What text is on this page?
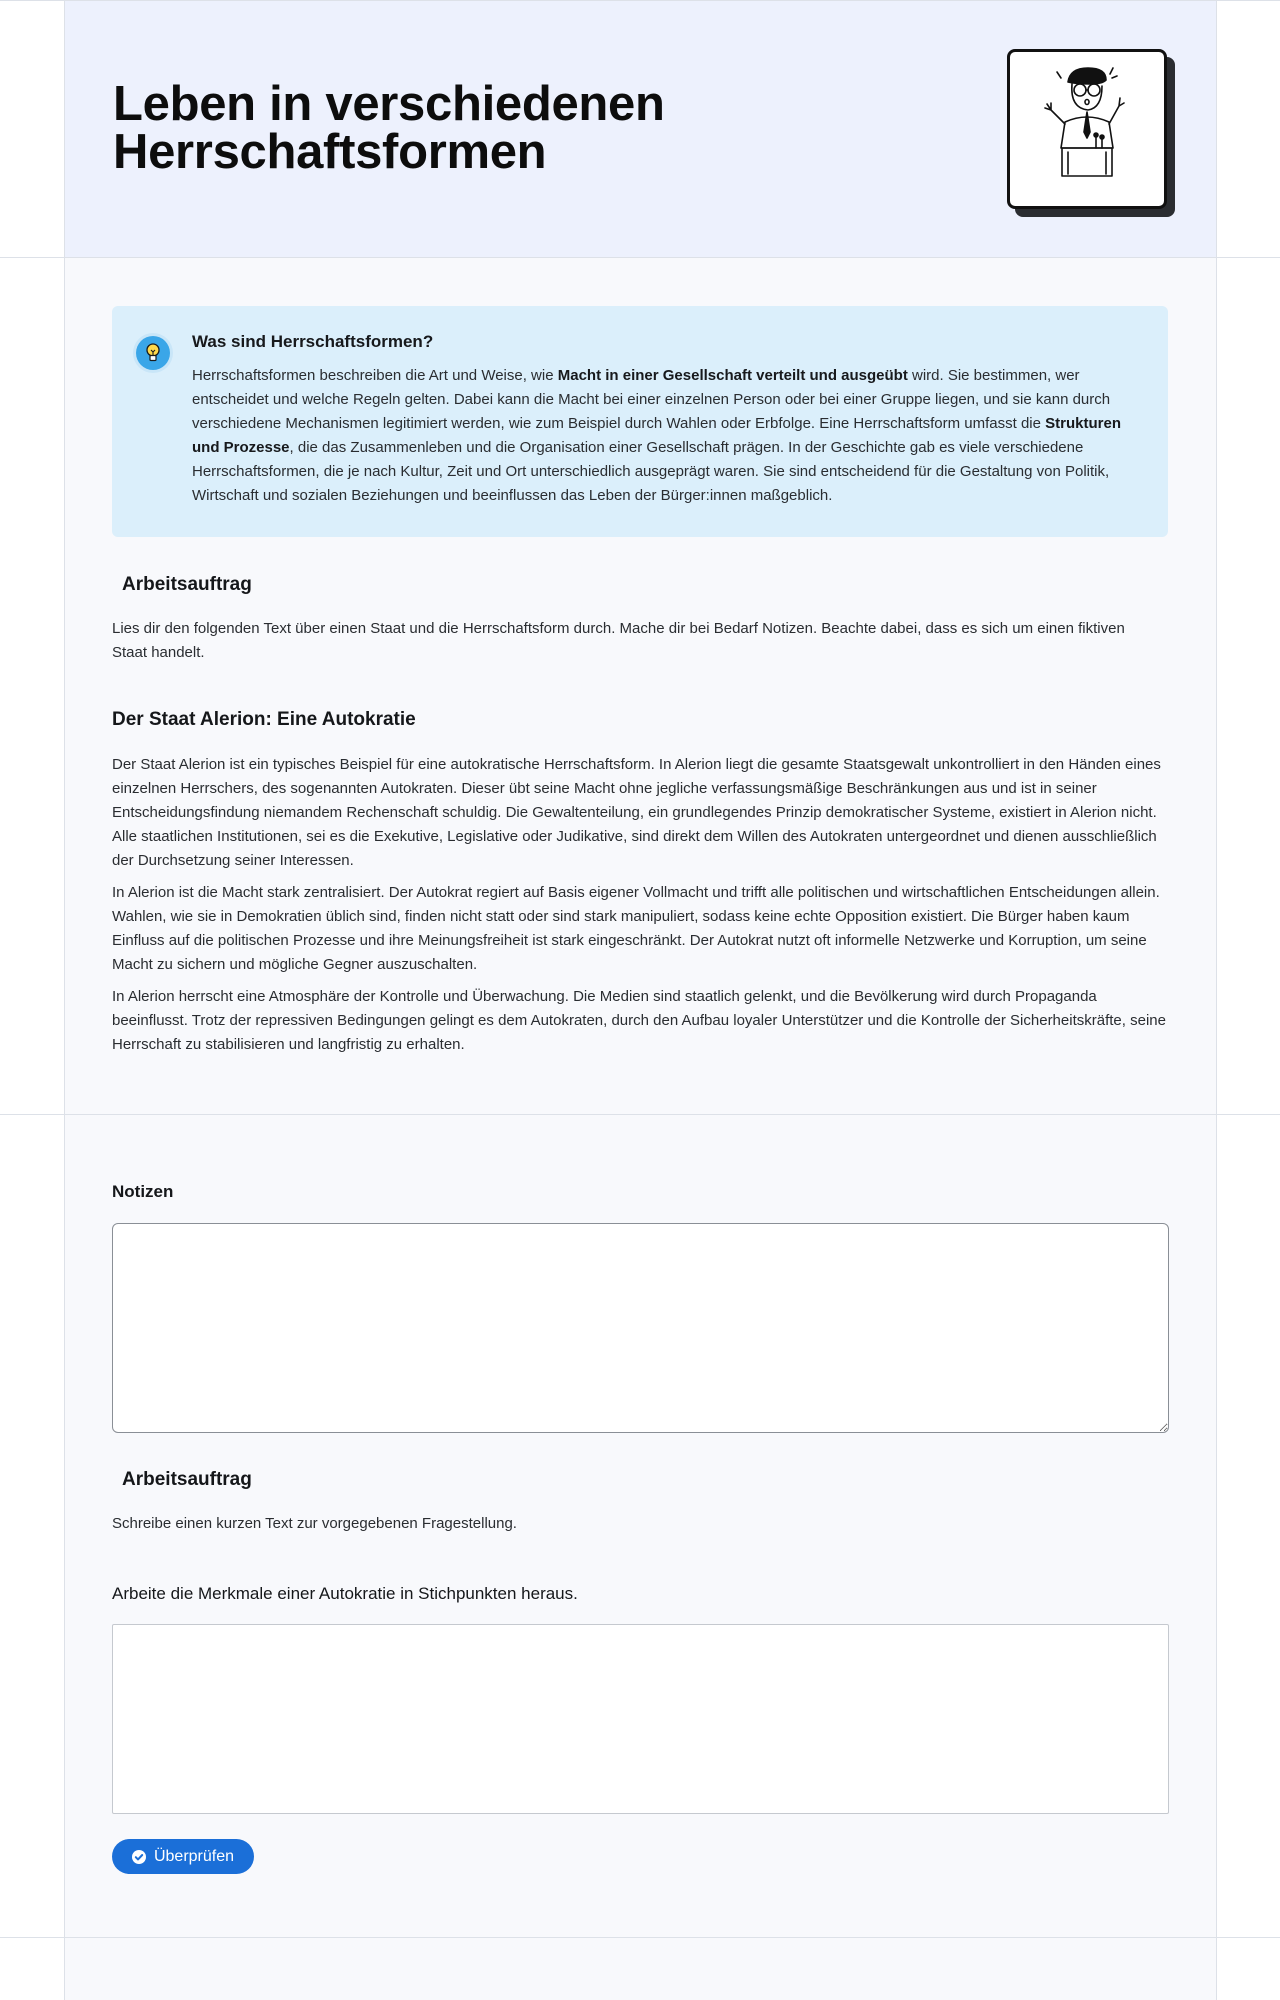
Leben in verschiedenen Herrschaftsformen
Was sind Herrschaftsformen?
Herrschaftsformen beschreiben die Art und Weise, wie Macht in einer Gesellschaft verteilt und ausgeübt wird. Sie bestimmen, wer entscheidet und welche Regeln gelten. Dabei kann die Macht bei einer einzelnen Person oder bei einer Gruppe liegen, und sie kann durch verschiedene Mechanismen legitimiert werden, wie zum Beispiel durch Wahlen oder Erbfolge. Eine Herrschaftsform umfasst die Strukturen und Prozesse, die das Zusammenleben und die Organisation einer Gesellschaft prägen. In der Geschichte gab es viele verschiedene Herrschaftsformen, die je nach Kultur, Zeit und Ort unterschiedlich ausgeprägt waren. Sie sind entscheidend für die Gestaltung von Politik, Wirtschaft und sozialen Beziehungen und beeinflussen das Leben der Bürger:innen maßgeblich.
Arbeitsauftrag
Lies dir den folgenden Text über einen Staat und die Herrschaftsform durch. Mache dir bei Bedarf Notizen. Beachte dabei, dass es sich um einen fiktiven Staat handelt.
Der Staat Alerion: Eine Autokratie
Der Staat Alerion ist ein typisches Beispiel für eine autokratische Herrschaftsform. In Alerion liegt die gesamte Staatsgewalt unkontrolliert in den Händen eines einzelnen Herrschers, des sogenannten Autokraten. Dieser übt seine Macht ohne jegliche verfassungsmäßige Beschränkungen aus und ist in seiner Entscheidungsfindung niemandem Rechenschaft schuldig. Die Gewaltenteilung, ein grundlegendes Prinzip demokratischer Systeme, existiert in Alerion nicht. Alle staatlichen Institutionen, sei es die Exekutive, Legislative oder Judikative, sind direkt dem Willen des Autokraten untergeordnet und dienen ausschließlich der Durchsetzung seiner Interessen.
In Alerion ist die Macht stark zentralisiert. Der Autokrat regiert auf Basis eigener Vollmacht und trifft alle politischen und wirtschaftlichen Entscheidungen allein. Wahlen, wie sie in Demokratien üblich sind, finden nicht statt oder sind stark manipuliert, sodass keine echte Opposition existiert. Die Bürger haben kaum Einfluss auf die politischen Prozesse und ihre Meinungsfreiheit ist stark eingeschränkt. Der Autokrat nutzt oft informelle Netzwerke und Korruption, um seine Macht zu sichern und mögliche Gegner auszuschalten.
In Alerion herrscht eine Atmosphäre der Kontrolle und Überwachung. Die Medien sind staatlich gelenkt, und die Bevölkerung wird durch Propaganda beeinflusst. Trotz der repressiven Bedingungen gelingt es dem Autokraten, durch den Aufbau loyaler Unterstützer und die Kontrolle der Sicherheitskräfte, seine Herrschaft zu stabilisieren und langfristig zu erhalten.
Notizen
Arbeitsauftrag
Schreibe einen kurzen Text zur vorgegebenen Fragestellung.
Arbeite die Merkmale einer Autokratie in Stichpunkten heraus.
Überprüfen
